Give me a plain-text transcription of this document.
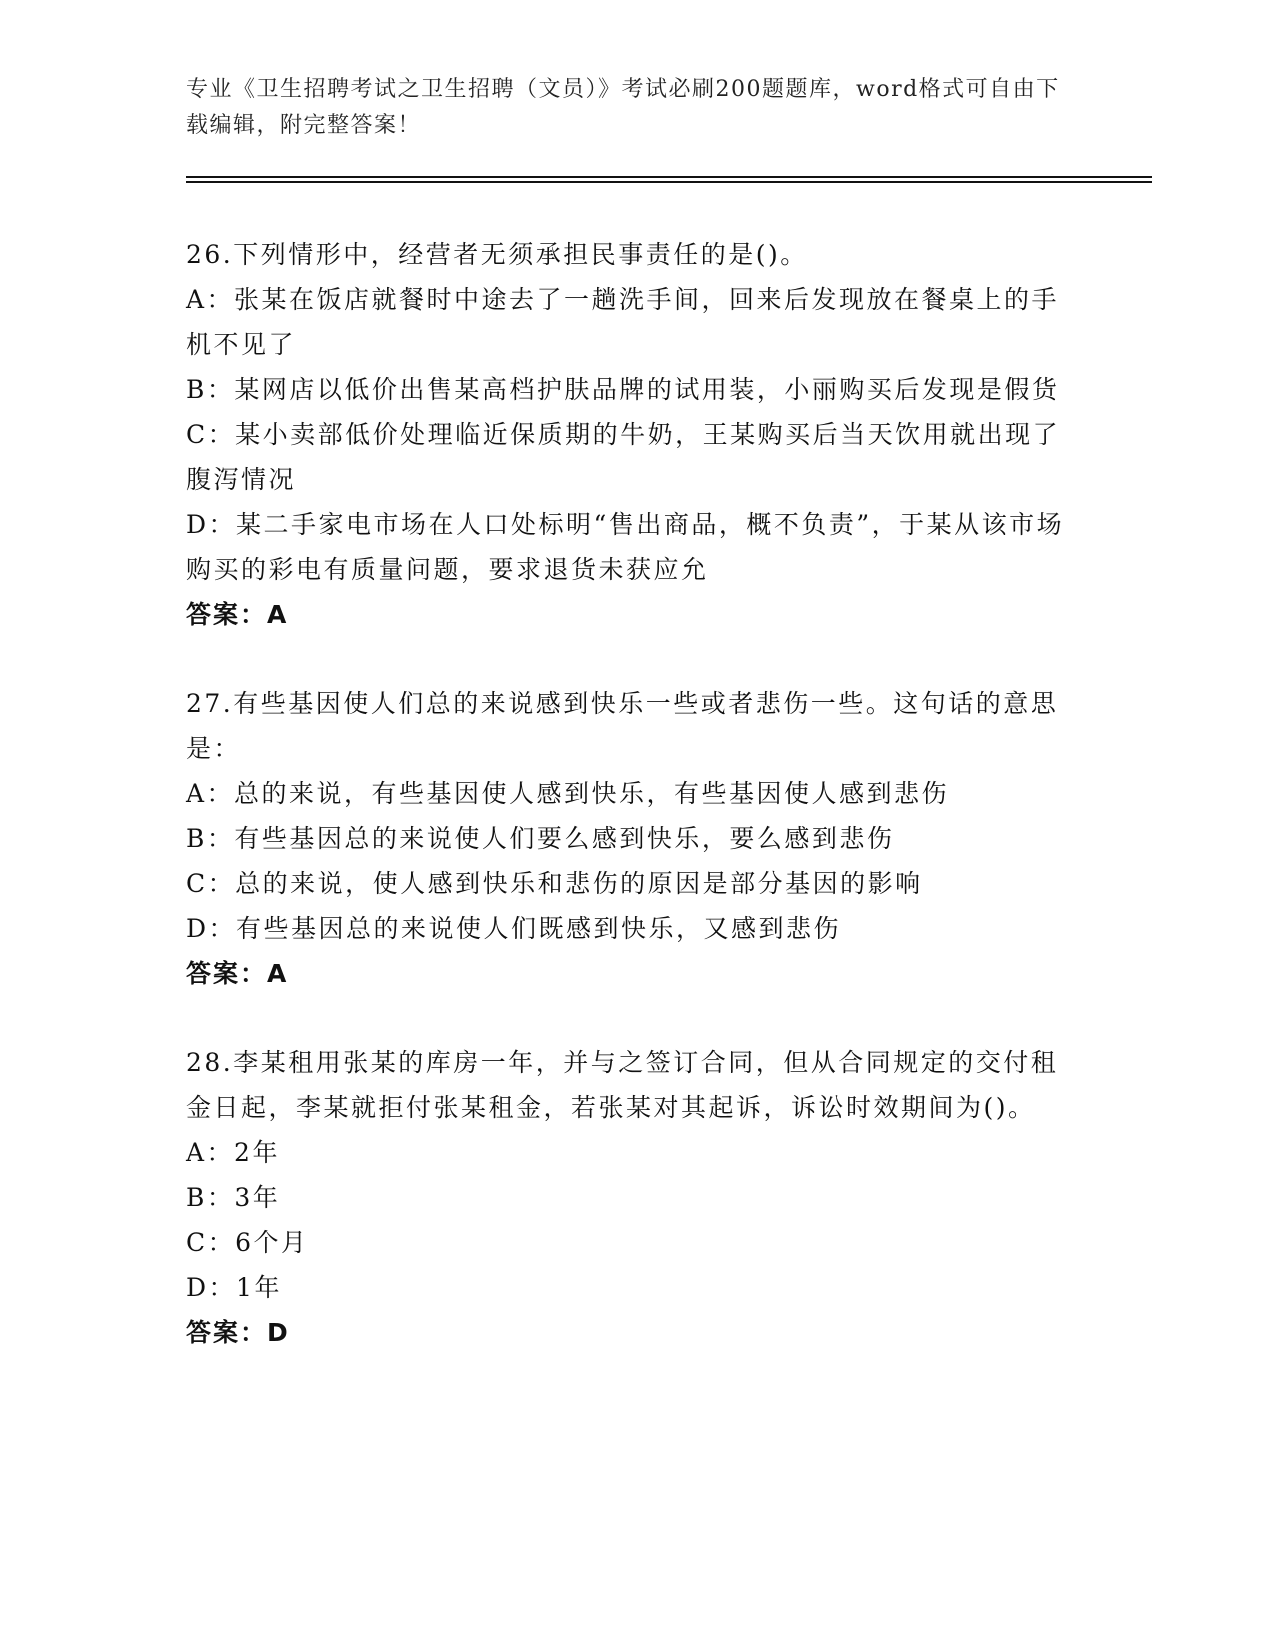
专业《卫生招聘考试之卫生招聘（文员）》考试必刷200题题库，word格式可自由下载编辑，附完整答案！

26.下列情形中，经营者无须承担民事责任的是()。

A：张某在饭店就餐时中途去了一趟洗手间，回来后发现放在餐桌上的手机不见了

B：某网店以低价出售某高档护肤品牌的试用装，小丽购买后发现是假货

C：某小卖部低价处理临近保质期的牛奶，王某购买后当天饮用就出现了腹泻情况

D：某二手家电市场在人口处标明“售出商品，概不负责”，于某从该市场购买的彩电有质量问题，要求退货未获应允

答案：A

27.有些基因使人们总的来说感到快乐一些或者悲伤一些。这句话的意思是：

A：总的来说，有些基因使人感到快乐，有些基因使人感到悲伤

B：有些基因总的来说使人们要么感到快乐，要么感到悲伤

C：总的来说，使人感到快乐和悲伤的原因是部分基因的影响

D：有些基因总的来说使人们既感到快乐，又感到悲伤

答案：A

28.李某租用张某的库房一年，并与之签订合同，但从合同规定的交付租金日起，李某就拒付张某租金，若张某对其起诉，诉讼时效期间为()。

A：2年

B：3年

C：6个月

D：1年

答案：D
